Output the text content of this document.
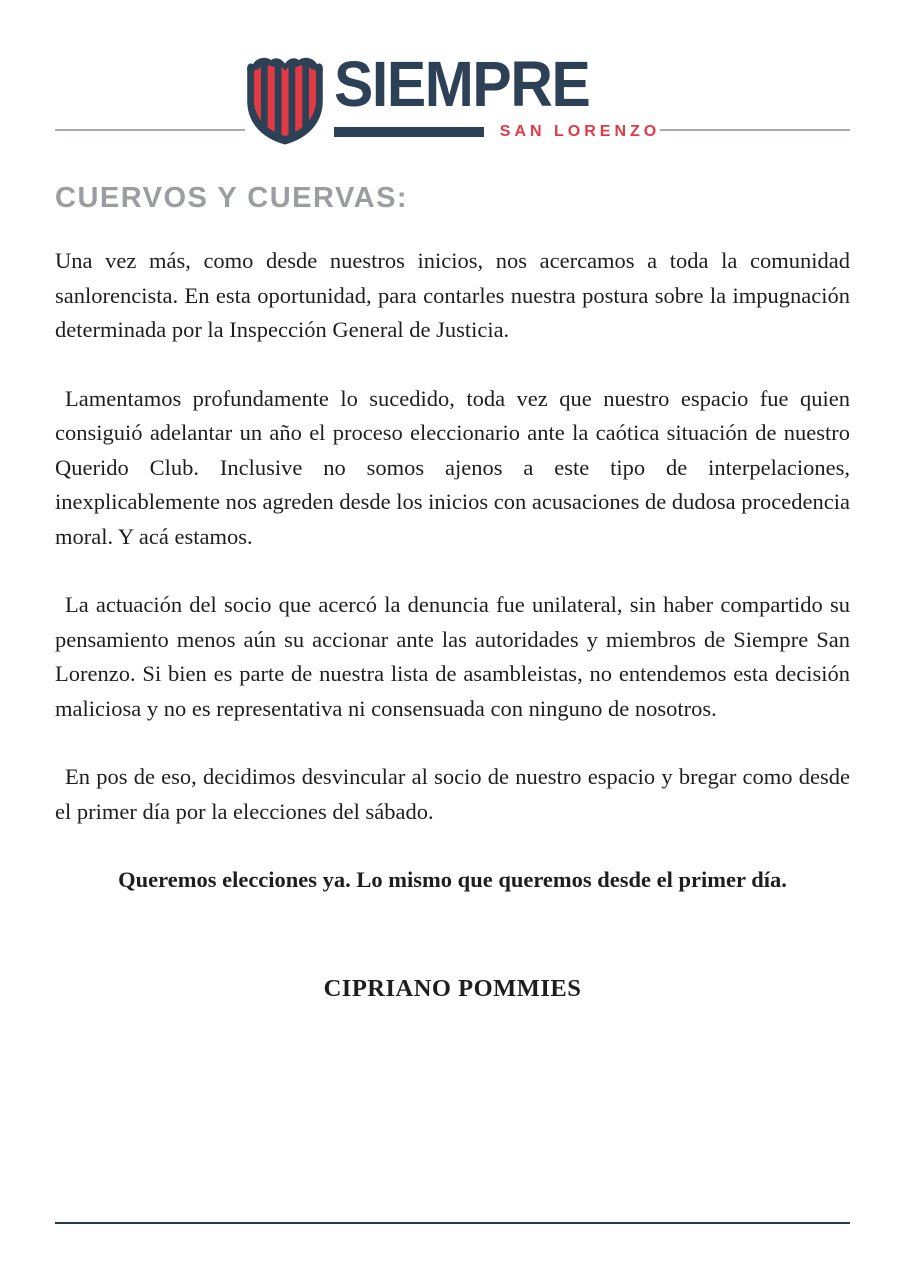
SIEMPRE
SAN LORENZO
CUERVOS Y CUERVAS:

Una vez más, como desde nuestros inicios, nos acercamos a toda la comunidad sanlorencista. En esta oportunidad, para contarles nuestra postura sobre la impugnación determinada por la Inspección General de Justicia.

Lamentamos profundamente lo sucedido, toda vez que nuestro espacio fue quien consiguió adelantar un año el proceso eleccionario ante la caótica situación de nuestro Querido Club. Inclusive no somos ajenos a este tipo de interpelaciones, inexplicablemente nos agreden desde los inicios con acusaciones de dudosa procedencia moral. Y acá estamos.

La actuación del socio que acercó la denuncia fue unilateral, sin haber compartido su pensamiento menos aún su accionar ante las autoridades y miembros de Siempre San Lorenzo. Si bien es parte de nuestra lista de asambleistas, no entendemos esta decisión maliciosa y no es representativa ni consensuada con ninguno de nosotros.

En pos de eso, decidimos desvincular al socio de nuestro espacio y bregar como desde el primer día por la elecciones del sábado.

Queremos elecciones ya. Lo mismo que queremos desde el primer día.

CIPRIANO POMMIES
